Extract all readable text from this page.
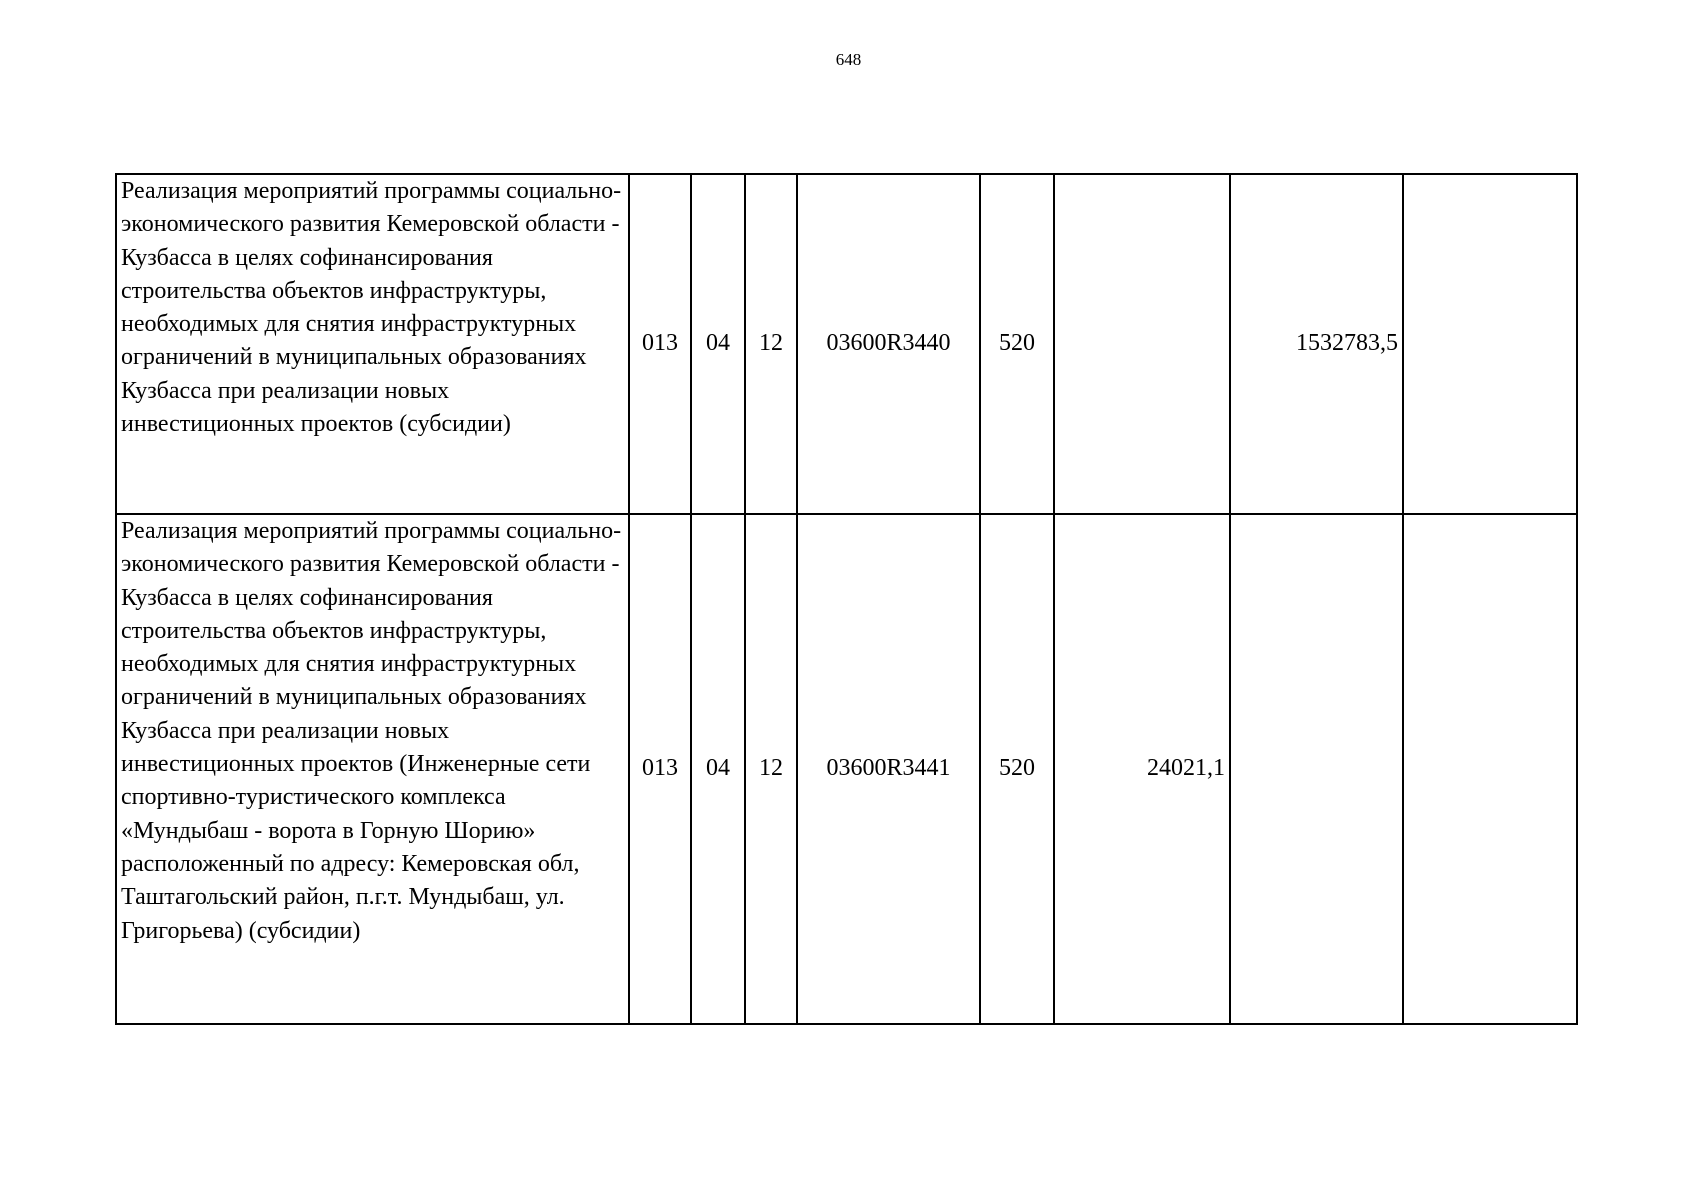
648
Реализация мероприятий программы социально-экономического развития Кемеровской области - Кузбасса в целях софинансирования строительства объектов инфраструктуры, необходимых для снятия инфраструктурных ограничений в муниципальных образованиях Кузбасса при реализации новых инвестиционных проектов (субсидии)	013	04	12	03600R3440	520		1532783,5	
Реализация мероприятий программы социально-экономического развития Кемеровской области - Кузбасса в целях софинансирования строительства объектов инфраструктуры, необходимых для снятия инфраструктурных ограничений в муниципальных образованиях Кузбасса при реализации новых инвестиционных проектов (Инженерные сети спортивно-туристического комплекса «Мундыбаш - ворота в Горную Шорию» расположенный по адресу: Кемеровская обл, Таштагольский район, п.г.т. Мундыбаш, ул. Григорьева) (субсидии)	013	04	12	03600R3441	520	24021,1		
